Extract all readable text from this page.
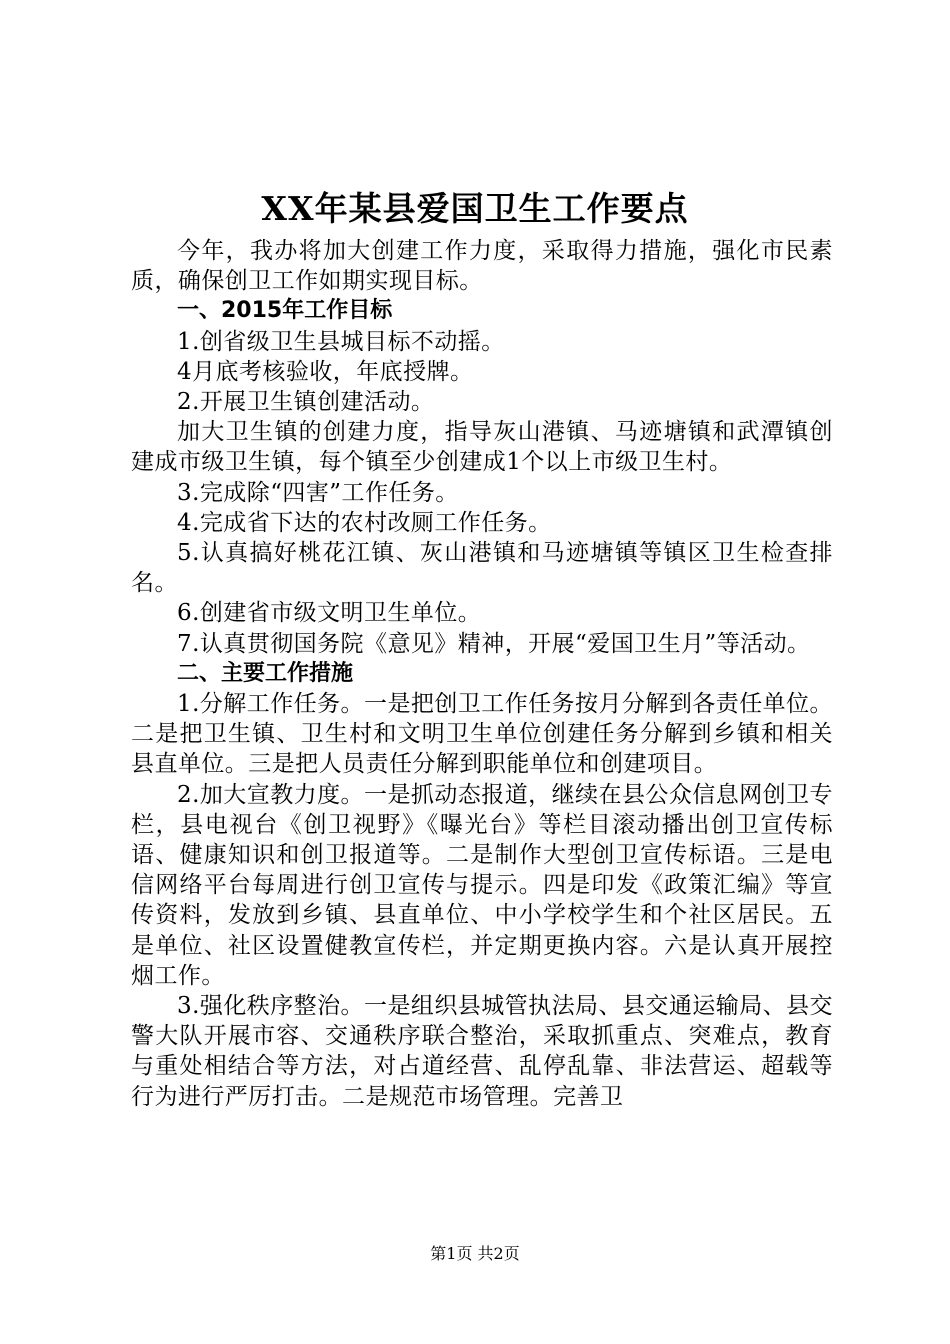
XX年某县爱国卫生工作要点

今年，我办将加大创建工作力度，采取得力措施，强化市民素质，确保创卫工作如期实现目标。

一、2015年工作目标

1.创省级卫生县城目标不动摇。

4月底考核验收，年底授牌。

2.开展卫生镇创建活动。

加大卫生镇的创建力度，指导灰山港镇、马迹塘镇和武潭镇创建成市级卫生镇，每个镇至少创建成1个以上市级卫生村。

3.完成除“四害”工作任务。

4.完成省下达的农村改厕工作任务。

5.认真搞好桃花江镇、灰山港镇和马迹塘镇等镇区卫生检查排名。

6.创建省市级文明卫生单位。

7.认真贯彻国务院《意见》精神，开展“爱国卫生月”等活动。

二、主要工作措施

1.分解工作任务。一是把创卫工作任务按月分解到各责任单位。二是把卫生镇、卫生村和文明卫生单位创建任务分解到乡镇和相关县直单位。三是把人员责任分解到职能单位和创建项目。

2.加大宣教力度。一是抓动态报道，继续在县公众信息网创卫专栏，县电视台《创卫视野》《曝光台》等栏目滚动播出创卫宣传标语、健康知识和创卫报道等。二是制作大型创卫宣传标语。三是电信网络平台每周进行创卫宣传与提示。四是印发《政策汇编》等宣传资料，发放到乡镇、县直单位、中小学校学生和个社区居民。五是单位、社区设置健教宣传栏，并定期更换内容。六是认真开展控烟工作。

3.强化秩序整治。一是组织县城管执法局、县交通运输局、县交警大队开展市容、交通秩序联合整治，采取抓重点、突难点，教育与重处相结合等方法，对占道经营、乱停乱靠、非法营运、超载等行为进行严厉打击。二是规范市场管理。完善卫

第1页 共2页
